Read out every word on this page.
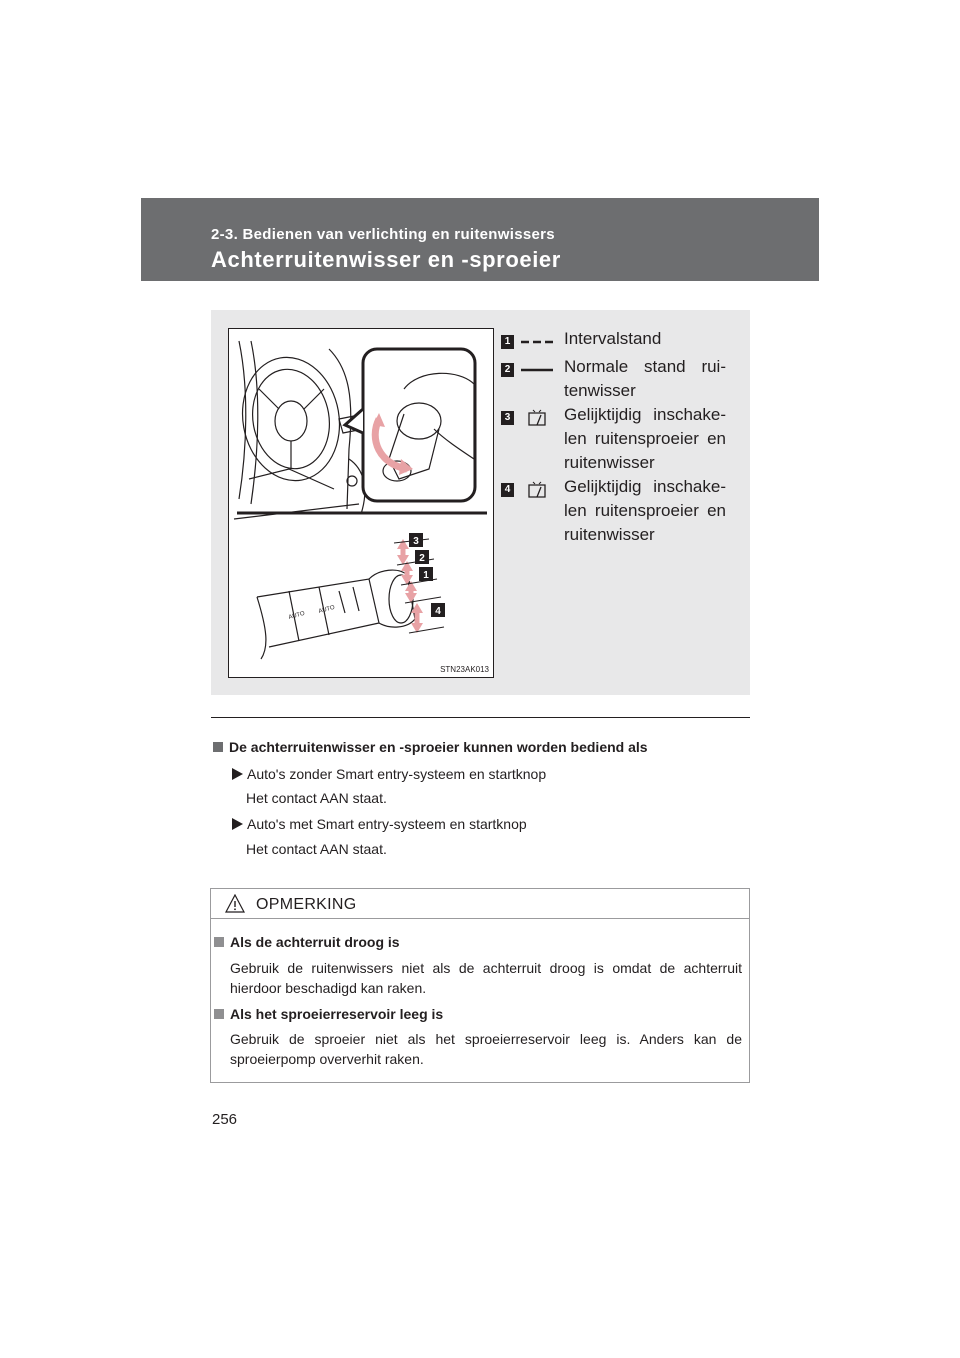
2-3. Bedienen van verlichting en ruitenwissers
Achterruitenwisser en -sproeier
AUTO
AUTO
3
2
1
4
STN23AK013
1	Intervalstand
2	Normale stand rui-tenwisser
3	Gelijktijdig inschake-len ruitensproeier en ruitenwisser
4	Gelijktijdig inschake-len ruitensproeier en ruitenwisser
De achterruitenwisser en -sproeier kunnen worden bediend als
Auto's zonder Smart entry-systeem en startknop
Het contact AAN staat.
Auto's met Smart entry-systeem en startknop
Het contact AAN staat.
OPMERKING
Als de achterruit droog is
Gebruik de ruitenwissers niet als de achterruit droog is omdat de achterruit hierdoor beschadigd kan raken.
Als het sproeierreservoir leeg is
Gebruik de sproeier niet als het sproeierreservoir leeg is. Anders kan de sproeierpomp oververhit raken.
256
